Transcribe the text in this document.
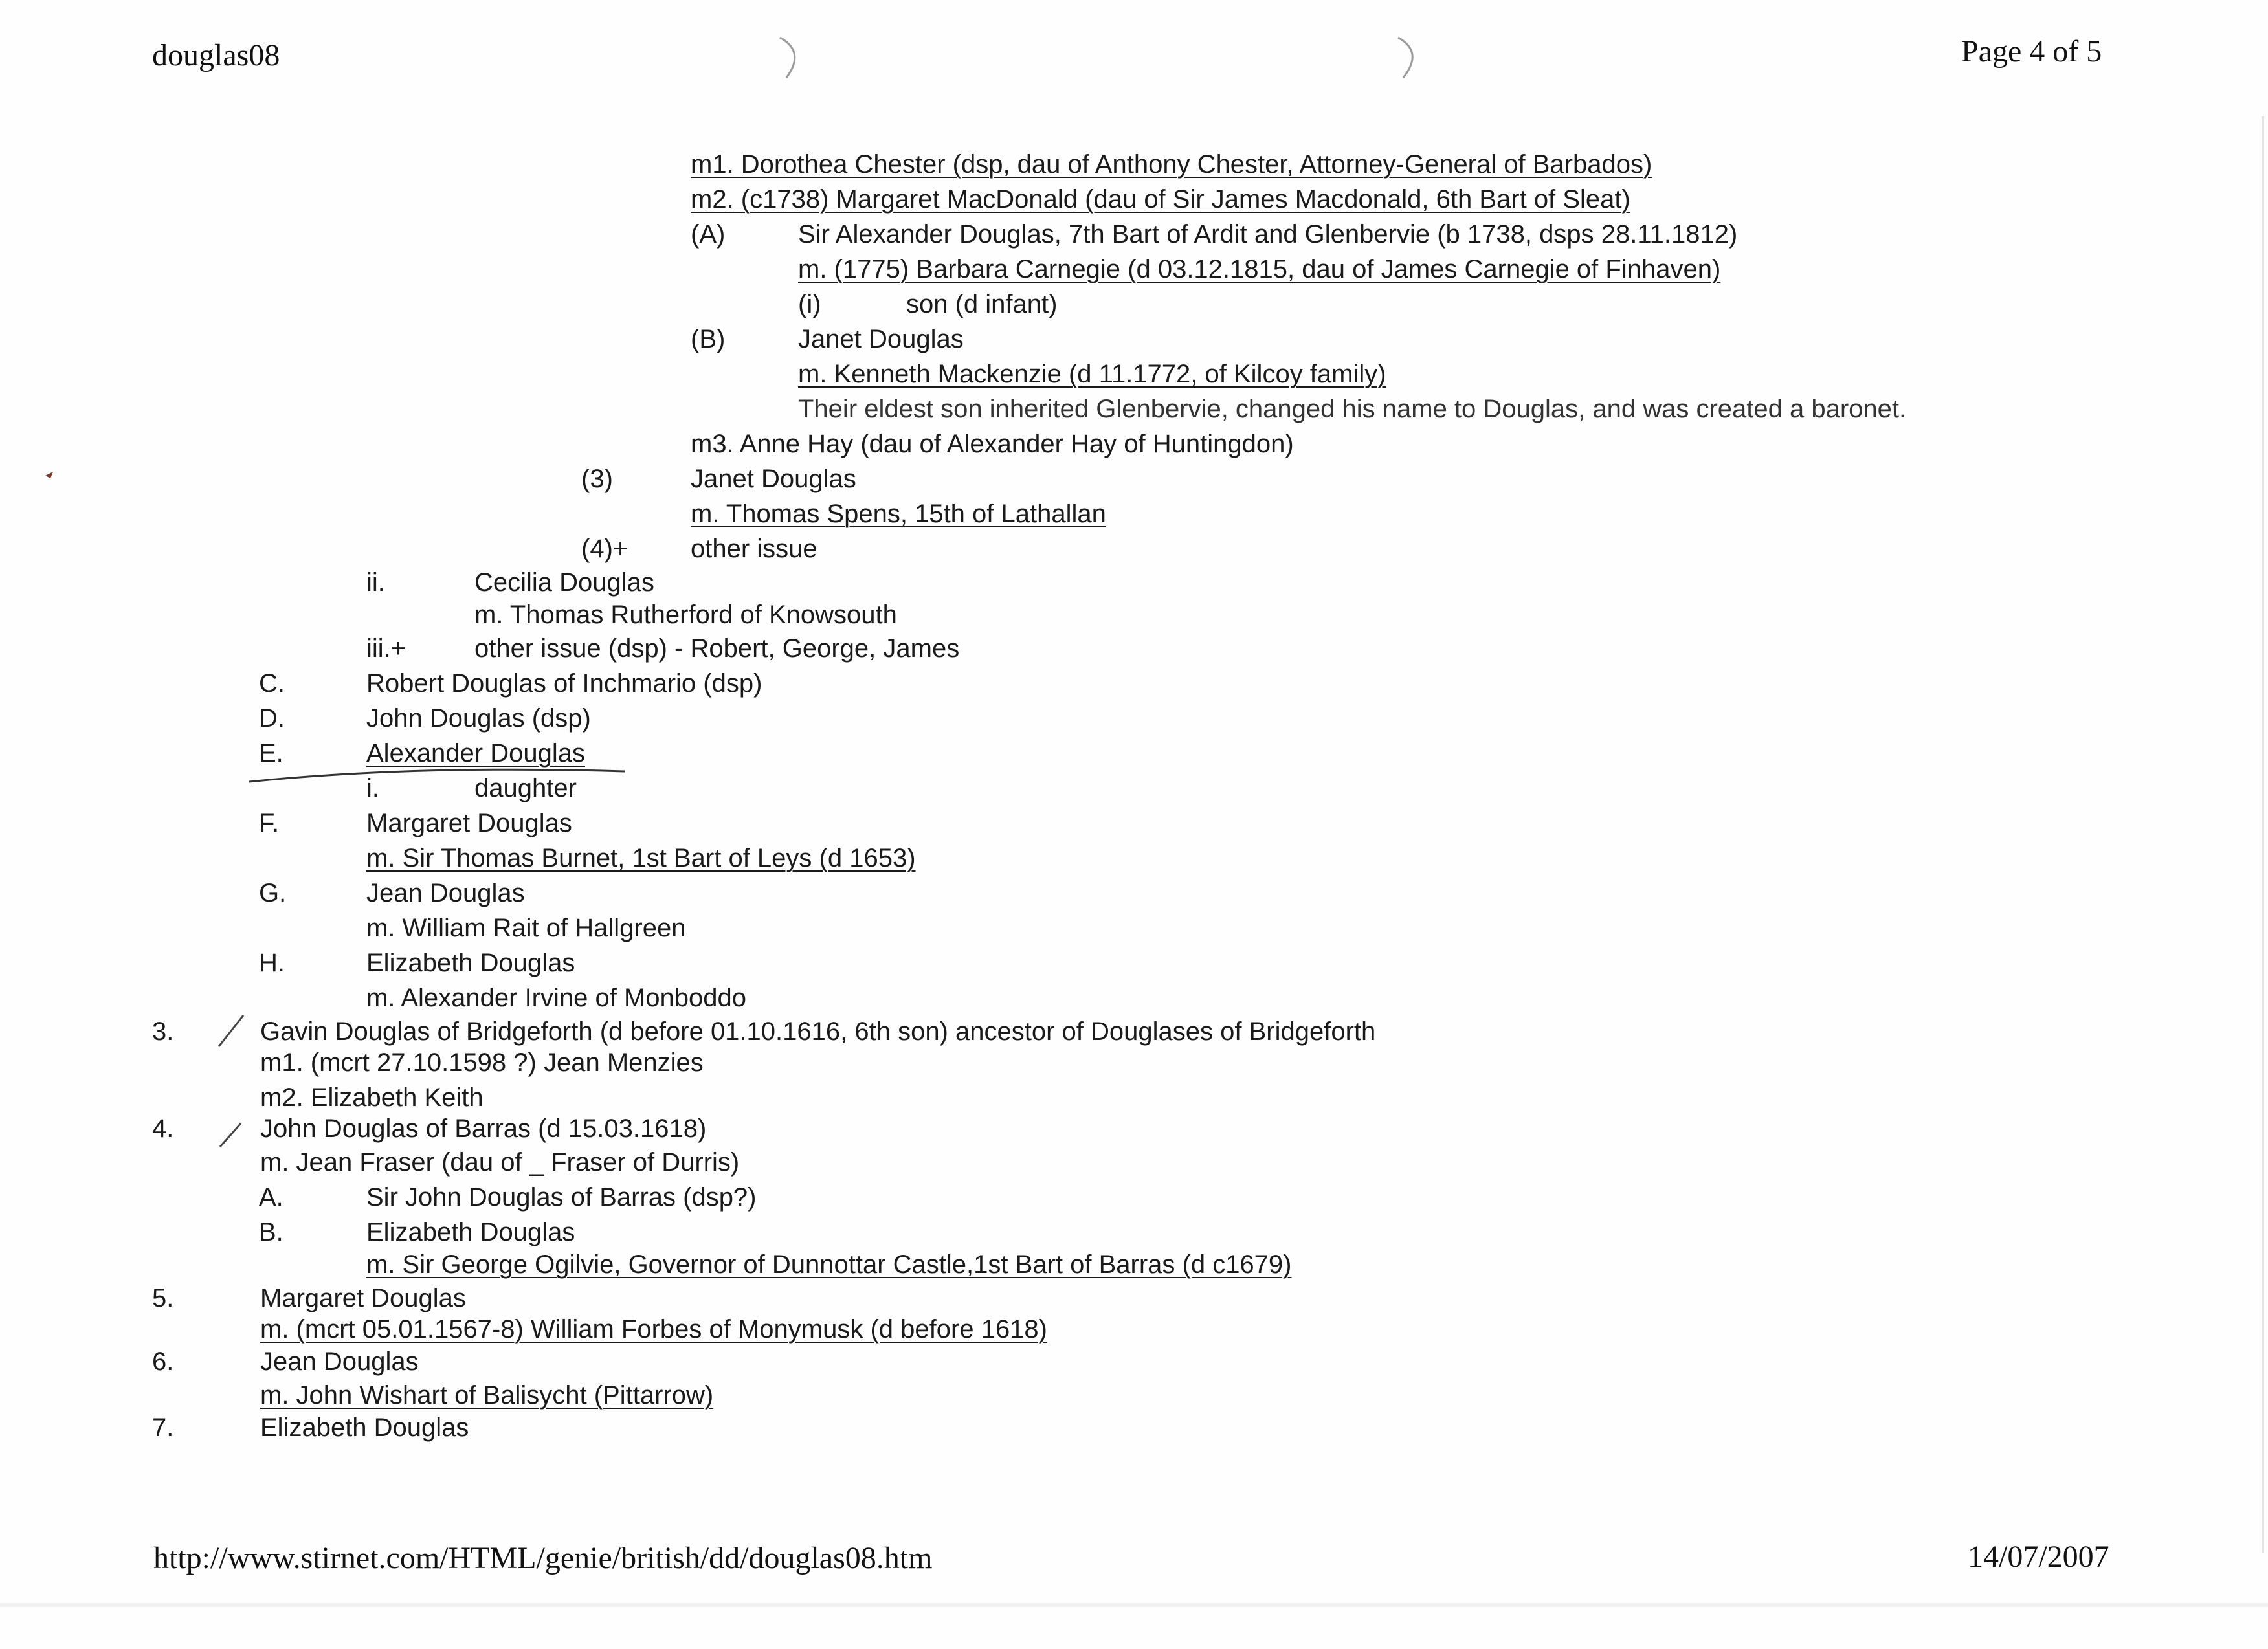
douglas08	Page 4 of 5
m1. Dorothea Chester (dsp, dau of Anthony Chester, Attorney-General of Barbados)
m2. (c1738) Margaret MacDonald (dau of Sir James Macdonald, 6th Bart of Sleat)
(A)	Sir Alexander Douglas, 7th Bart of Ardit and Glenbervie (b 1738, dsps 28.11.1812)
m. (1775) Barbara Carnegie (d 03.12.1815, dau of James Carnegie of Finhaven)
(i)	son (d infant)
(B)	Janet Douglas
m. Kenneth Mackenzie (d 11.1772, of Kilcoy family)
Their eldest son inherited Glenbervie, changed his name to Douglas, and was created a baronet.
m3. Anne Hay (dau of Alexander Hay of Huntingdon)
(3)	Janet Douglas
m. Thomas Spens, 15th of Lathallan
(4)+ other issue
ii.	Cecilia Douglas
m. Thomas Rutherford of Knowsouth
iii.+	other issue (dsp) - Robert, George, James
C.	Robert Douglas of Inchmario (dsp)
D.	John Douglas (dsp)
E.	Alexander Douglas
i.	daughter
F.	Margaret Douglas
m. Sir Thomas Burnet, 1st Bart of Leys (d 1653)
G.	Jean Douglas
m. William Rait of Hallgreen
H.	Elizabeth Douglas
m. Alexander Irvine of Monboddo
3.	Gavin Douglas of Bridgeforth (d before 01.10.1616, 6th son) ancestor of Douglases of Bridgeforth
m1. (mcrt 27.10.1598 ?) Jean Menzies
m2. Elizabeth Keith
4.	John Douglas of Barras (d 15.03.1618)
m. Jean Fraser (dau of _ Fraser of Durris)
A.	Sir John Douglas of Barras (dsp?)
B.	Elizabeth Douglas
m. Sir George Ogilvie, Governor of Dunnottar Castle,1st Bart of Barras (d c1679)
5.	Margaret Douglas
m. (mcrt 05.01.1567-8) William Forbes of Monymusk (d before 1618)
6.	Jean Douglas
m. John Wishart of Balisycht (Pittarrow)
7.	Elizabeth Douglas
http://www.stirnet.com/HTML/genie/british/dd/douglas08.htm	14/07/2007
